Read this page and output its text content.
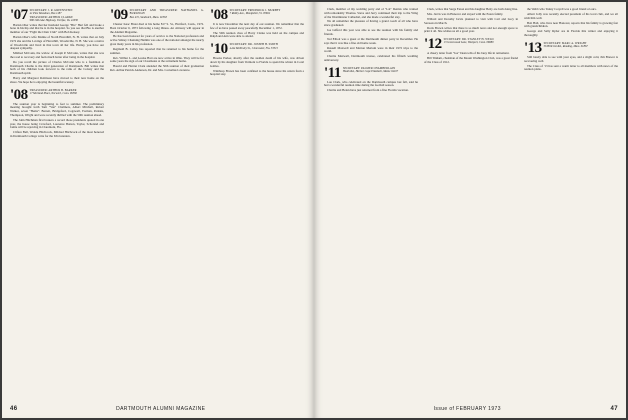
'07 SECRETARY: J. R. GREENSTEIN
41 Pine Meadows, Box 1187
TREASURER: ARTHUR CLARKE
980 Old Lake Highway, Fairfax, Va. 22030

Harlan Ober writes that her husband George "Bio" Hart fell and broke a bone in his hip and that he is in the hospital. So you see that Bio is another member of our "Fight the Chair Club" with Bob Kensey.

Harlan Ober's wife Mamie of North Haverhill, N. H. writes that on July 1972 she and the Lovings of Haverhill, Woodsville, N. H. She was a native of Woodsville and lived in that town all her life. Harley, you have our deepest sympathy.

Mildred McCann, the widow of Joseph P. McCann, writes that she was the road to recovery and feels much better after being in the hospital.

Do you recall the picture of Charles McCann who is a freshman at Dartmouth Charlie is the third generation of Dartmouth. Bill writes that both of his children look forward to the rank of the Colony and the Dartmouth spirit.

Harry and Margaret Robinson have moved to their new home on the shore. We hope he is enjoying the beautiful scenery.

'08 TREASURER: ARTHUR B. BARKER
17 Morland Place, Norwich, Conn. 06360

The reunion year is beginning to feel to summer. The preliminary meeting brought forth Tom "Van" Chalmers, Albert Mitchell, Robert Walker, seven "Hems": Barrett, Bridgeford, Cogswell, Forman, Perkins, Thompson, Wright and were recently thrilled with the 50th reunion ahead.

The John Hitchman first brokers a record those presidents quoted in one year, the house being Crawford, Laurence Burton, Taylor, Scholand and Jamie will be rejoicing in Claremont, Fla.

Clifton Bell, Wanda Hitchcock, Mildred Hitchcock of the most honored in Dartmouth College write for the 63rd reunion.

'09 SECRETARY AND TREASURER: NATHANIEL G. BURLEIGH
Box 472, Sandwich, Mass. 02563

Chester Isaac Brust died at his home 817 S. St., Hartford, Conn., 1972. Born October 6, 1873 following a long illness. An obituary will appear in the Alumni Magazine.

He has been honored for years of service to the National profession and active Sidney Channing Hamlin was one of the national amongst the nearly great many years in his profession.

Reginald B. Colley has reported that he returned to his home for the summer.

Rev. Wilbur L. and Louise Hart are now active in Ohio. They will be for some years the sign of our Classmates at the retirement home.

Harold and Harriet Clark attended the 50th reunion of their graduation Rev. Arthur Patrick Anderson, Dr. and Mrs. Cornelius Lawrence.

'08 SECRETARY: FREDERICK J. MURPHY
7 Ridley Ave., Montpelier, Vt. 05602

It is now December the next day of our reunion. We remember that the few of us have passed away peacefully December 1, 1972.

The 50th reunion class of Harry Clarke was held on the campus and Ralph and Ann were able to attend.

'10 SECRETARY: DR. JOSEPH H. SMITH
4444 McKinley St., Clearwater, Fla. 33515

Brooks Parker, shortly after the sudden death of his wife, was driven down by his daughter from Vermont to Florida to spend the winter in Coral Gables.

Winthrop Brown has been confined to the house since his return from a hospital stay.

46	DARTMOUTH ALUMNI MAGAZINE

Clark, member of my wedding party and of "Lal" Dennis who trained with remarkably Thomas. Steve and Jerry continued their trip to the Wing of the Westminster Cathedral, and she made a wonderful stay.

We all remember the pleasure of having a grand coach of all who have since graduated.

Joe Gifford this year was able to see the reunion with his family and friends.

Ted Elliott was a guest at the Dartmouth dinner party in December. He says that it was like a fine old home week.

Russell Maxwell and Marion Meriam were in their 1972 trips to the world.

Charlie Maxwell, Dartmouth trustee, celebrated his fiftieth wedding anniversary.

'11 SECRETARY: PALMER CHAMBERLAIN
Heath Rd., Harbor Cape Elizabeth, Maine 04107

Lou Clark, who celebrated on the Dartmouth campus last fall, said he had a wonderful reunion time during the football season.

Charlie and Helen have just returned from a fine Florida vacation.

Clark, writes that Sarge Eaton and his daughter Betty are both doing fine.

Mrs. Jarvis was in Hanover and stayed with the Eaton family.

Willard and Dorothy Jarvis planned to visit with Carl and Lucy in Sarasota in March.

Doris Brown writes that there is so much news and not enough space to print it all. She wishes us all a good year.

'12 SECRETARY: DR. STANLEY H. WELD
13 Greenwood Lane, Westport, Conn. 06880

A cheery letter from "Joe" Dean tells of his busy life in retirement.

Bill Tinham, chairman of the Mount Washington Club, was a great friend of the Class of 1912.

the Webb who Tunny Coryell was a good friend of ours.

Albert Jolly was recently elected president of his local club, and we all wish him well.

Bob Hall, who lives near Hanover, reports that his family is growing fast with grandchildren.

George and Sally Ryder are in Florida this winter and enjoying it thoroughly.

'13 SECRETARY: MARC A. WRIGHT
56 Hillcrest Rd., Reading, Mass. 01867

Still barely able to see with your eyes, and a slight cold, Jim Brewer is recovering well.

The Class of '13 has sent a warm letter to all members with news of the reunion plans.

Issue of FEBRUARY 1973	47
